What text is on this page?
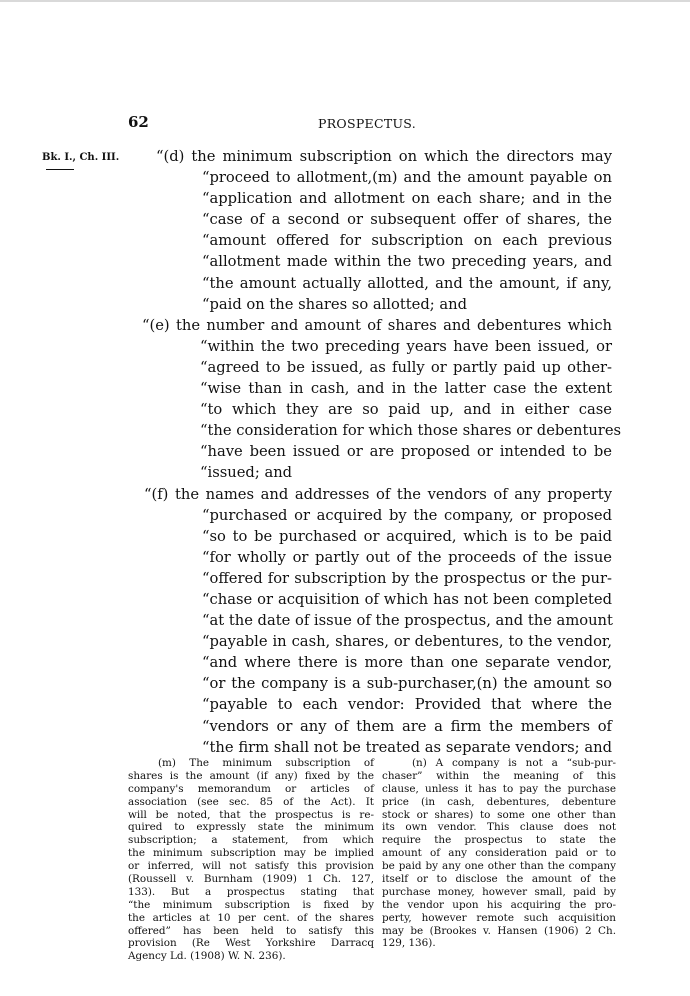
62	PROSPECTUS.
Bk. I., Ch. III.	“(d) the minimum subscription on which the directors may
“proceed to allotment,(m) and the amount payable on
“application and allotment on each share; and in the
“case of a second or subsequent offer of shares, the
“amount offered for subscription on each previous
“allotment made within the two preceding years, and
“the amount actually allotted, and the amount, if any,
“paid on the shares so allotted; and
“(e) the number and amount of shares and debentures which
“within the two preceding years have been issued, or
“agreed to be issued, as fully or partly paid up other-
“wise than in cash, and in the latter case the extent
“to which they are so paid up, and in either case
“the consideration for which those shares or debentures
“have been issued or are proposed or intended to be
“issued; and
“(f) the names and addresses of the vendors of any property
“purchased or acquired by the company, or proposed
“so to be purchased or acquired, which is to be paid
“for wholly or partly out of the proceeds of the issue
“offered for subscription by the prospectus or the pur-
“chase or acquisition of which has not been completed
“at the date of issue of the prospectus, and the amount
“payable in cash, shares, or debentures, to the vendor,
“and where there is more than one separate vendor,
“or the company is a sub-purchaser,(n) the amount so
“payable to each vendor: Provided that where the
“vendors or any of them are a firm the members of
“the firm shall not be treated as separate vendors; and
(m) The minimum subscription of
shares is the amount (if any) fixed by the
company's memorandum or articles of
association (see sec. 85 of the Act). It
will be noted, that the prospectus is re-
quired to expressly state the minimum
subscription; a statement, from which
the minimum subscription may be implied
or inferred, will not satisfy this provision
(Roussell v. Burnham (1909) 1 Ch. 127,
133). But a prospectus stating that
“the minimum subscription is fixed by
the articles at 10 per cent. of the shares
offered” has been held to satisfy this
provision (Re West Yorkshire Darracq
Agency Ld. (1908) W. N. 236).
(n) A company is not a “sub-pur-
chaser” within the meaning of this
clause, unless it has to pay the purchase
price (in cash, debentures, debenture
stock or shares) to some one other than
its own vendor. This clause does not
require the prospectus to state the
amount of any consideration paid or to
be paid by any one other than the company
itself or to disclose the amount of the
purchase money, however small, paid by
the vendor upon his acquiring the pro-
perty, however remote such acquisition
may be (Brookes v. Hansen (1906) 2 Ch.
129, 136).
